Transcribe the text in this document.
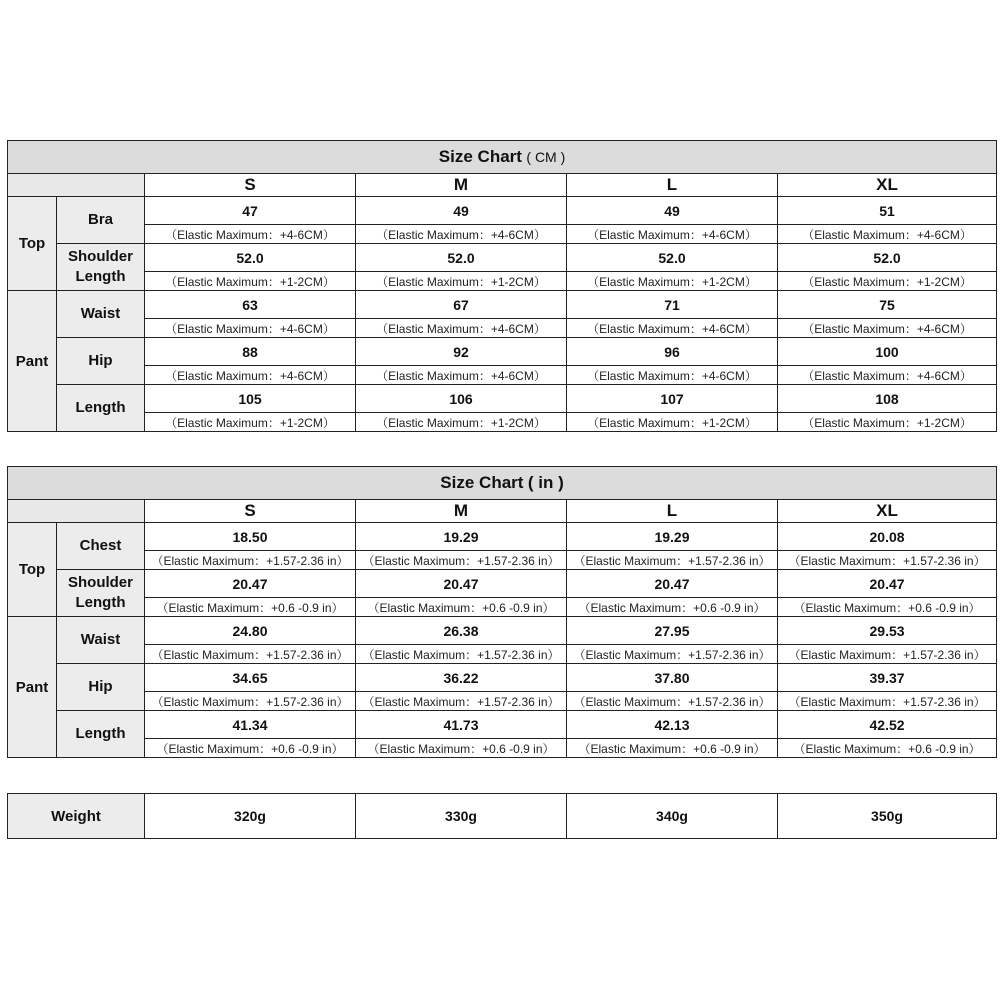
Size Chart ( CM )					
		S	M	L	XL
Top	Bra	47	49	49	51
		（Elastic Maximum：+4-6CM）	（Elastic Maximum：+4-6CM）	（Elastic Maximum：+4-6CM）	（Elastic Maximum：+4-6CM）
	Shoulder Length	52.0	52.0	52.0	52.0
		（Elastic Maximum：+1-2CM）	（Elastic Maximum：+1-2CM）	（Elastic Maximum：+1-2CM）	（Elastic Maximum：+1-2CM）
Pant	Waist	63	67	71	75
		（Elastic Maximum：+4-6CM）	（Elastic Maximum：+4-6CM）	（Elastic Maximum：+4-6CM）	（Elastic Maximum：+4-6CM）
	Hip	88	92	96	100
		（Elastic Maximum：+4-6CM）	（Elastic Maximum：+4-6CM）	（Elastic Maximum：+4-6CM）	（Elastic Maximum：+4-6CM）
	Length	105	106	107	108
		（Elastic Maximum：+1-2CM）	（Elastic Maximum：+1-2CM）	（Elastic Maximum：+1-2CM）	（Elastic Maximum：+1-2CM）
Size Chart ( in )					
		S	M	L	XL
Top	Chest	18.50	19.29	19.29	20.08
		（Elastic Maximum：+1.57-2.36 in）	（Elastic Maximum：+1.57-2.36 in）	（Elastic Maximum：+1.57-2.36 in）	（Elastic Maximum：+1.57-2.36 in）
	Shoulder Length	20.47	20.47	20.47	20.47
		（Elastic Maximum：+0.6 -0.9 in）	（Elastic Maximum：+0.6 -0.9 in）	（Elastic Maximum：+0.6 -0.9 in）	（Elastic Maximum：+0.6 -0.9 in）
Pant	Waist	24.80	26.38	27.95	29.53
		（Elastic Maximum：+1.57-2.36 in）	（Elastic Maximum：+1.57-2.36 in）	（Elastic Maximum：+1.57-2.36 in）	（Elastic Maximum：+1.57-2.36 in）
	Hip	34.65	36.22	37.80	39.37
		（Elastic Maximum：+1.57-2.36 in）	（Elastic Maximum：+1.57-2.36 in）	（Elastic Maximum：+1.57-2.36 in）	（Elastic Maximum：+1.57-2.36 in）
	Length	41.34	41.73	42.13	42.52
		（Elastic Maximum：+0.6 -0.9 in）	（Elastic Maximum：+0.6 -0.9 in）	（Elastic Maximum：+0.6 -0.9 in）	（Elastic Maximum：+0.6 -0.9 in）
Weight	320g	330g	340g	350g
